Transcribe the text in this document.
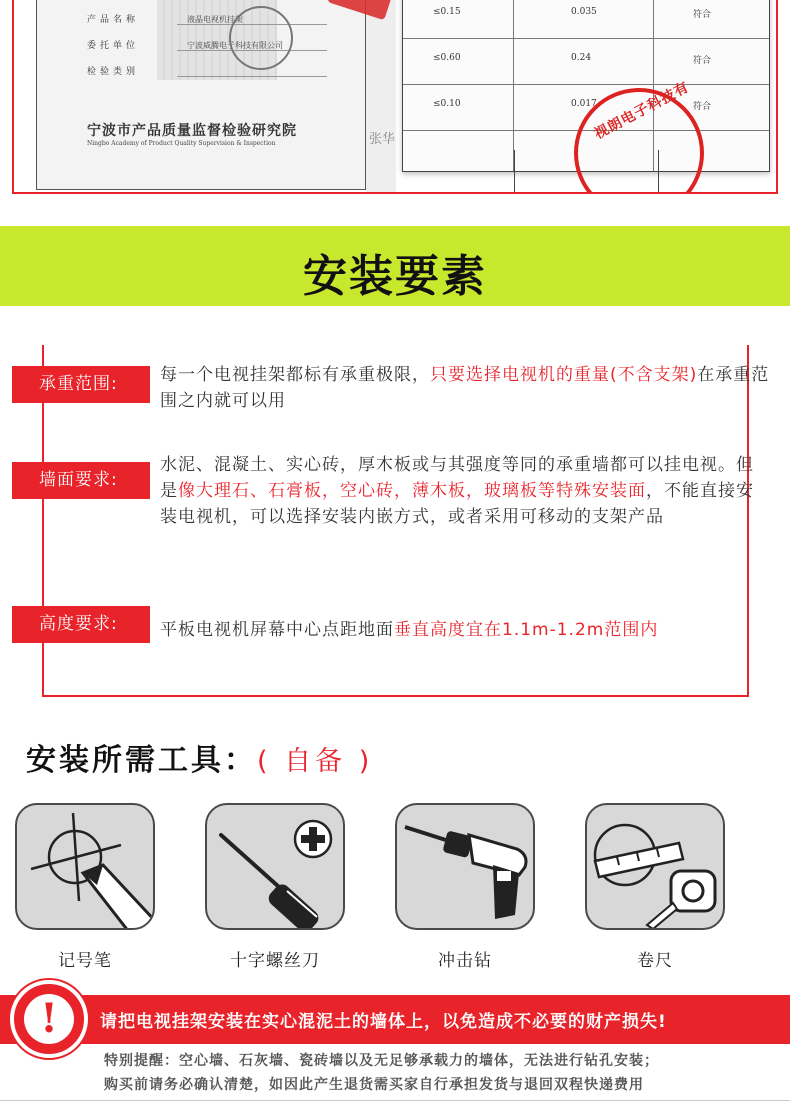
产品名称	液晶电视机挂架
委托单位	宁波威腾电子科技有限公司
检验类别
宁波市产品质量监督检验研究院
Ningbo Academy of Product Quality Supervision & Inspection	张华
≤0.15	0.035	符合
≤0.60	0.24	符合
≤0.10	0.017	符合
视朗电子科技有
安装要素
承重范围:	每一个电视挂架都标有承重极限，只要选择电视机的重量(不含支架)在承重范围之内就可以用
墙面要求:
水泥、混凝土、实心砖，厚木板或与其强度等同的承重墙都可以挂电视。但是像大理石、石膏板，空心砖，薄木板，玻璃板等特殊安装面，不能直接安装电视机，可以选择安装内嵌方式，或者采用可移动的支架产品
高度要求:	平板电视机屏幕中心点距地面垂直高度宜在1.1m-1.2m范围内
安装所需工具：( 自备 )
记号笔	十字螺丝刀	冲击钻	卷尺
请把电视挂架安装在实心混泥土的墙体上，以免造成不必要的财产损失!
!
特别提醒：空心墙、石灰墙、瓷砖墙以及无足够承载力的墙体，无法进行钻孔安装；
购买前请务必确认清楚，如因此产生退货需买家自行承担发货与退回双程快递费用
